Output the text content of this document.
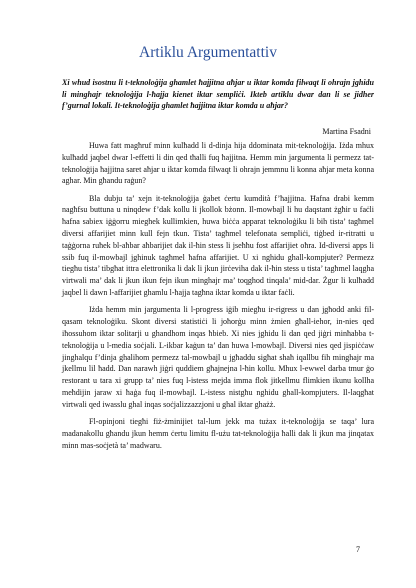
Artiklu Argumentattiv

Xi whud isostnu li t-teknoloġija ghamlet ħajjitna aħjar u iktar komda filwaqt li ohrajn jghidu li minghajr teknoloġija l-ħajja kienet iktar sempliċi. Ikteb artiklu dwar dan li se jidher f’gurnal lokali. It-teknoloġija ghamlet ħajjitna iktar komda u aħjar?

Martina Fsadni

Huwa fatt magħruf minn kulħadd li d-dinja hija ddominata mit-teknoloġija. Iżda mhux kulħadd jaqbel dwar l-effetti li din qed tħalli fuq ħajjitna. Hemm min jargumenta li permezz tat-teknoloġija ħajjitna saret aħjar u iktar komda filwaqt li ohrajn jemmnu li konna aħjar meta konna aghar. Min għandu raġun?

Bla dubju ta’ xejn it-teknoloġija ġabet ċertu kumdità f’ħajjitna. Ħafna drabi kemm nagħfsu buttuna u ninqdew f’dak kollu li jkollok bżonn. Il-mowbajl li hu daqstant żgħir u faċli ħafna sabiex iġġorru mieghek kullimkien, huwa biċċa apparat teknoloġiku li bih tista’ tagħmel diversi affarijiet minn kull fejn tkun. Tista’ tagħmel telefonata sempliċi, tiġbed ir-ritratti u taġġorna ruħek bl-aħbar aħbarijiet dak il-ħin stess li jseħħu fost affarijiet oħra. Id-diversi apps li ssib fuq il-mowbajl jghinuk tagħmel ħafna affarijiet. U xi nghidu ghall-kompjuter? Permezz tiegħu tista’ tibgħat ittra elettronika li dak li jkun jirċeviha dak il-ħin stess u tista’ tagħmel laqgha virtwali ma’ dak li jkun ikun fejn ikun minghajr ma’ toqghod tinqala’ mid-dar. Żgur li kulħadd jaqbel li dawn l-affarijiet ghamlu l-ħajja tagħna iktar komda u iktar faċli.

Iżda hemm min jargumenta li l-progress iġib miegħu ir-rigress u dan jgħodd anki fil-qasam teknoloġiku. Skont diversi statistiċi li joħorġu minn żmien għall-iehor, in-nies qed iħossuhom iktar solitarji u ghandhom inqas ħbieb. Xi nies jghidu li dan qed jiġri minħabba t-teknoloġija u l-media soċjali. L-ikbar kaġun ta’ dan huwa l-mowbajl. Diversi nies qed jispiċċaw jinghalqu f’dinja ghalihom permezz tal-mowbajl u jgħaddu sigħat shaħ iqallbu fih minghajr ma jkellmu lil ħadd. Dan narawh jiġri quddiem għajnejna l-ħin kollu. Mhux l-ewwel darba tmur ġo restorant u tara xi grupp ta’ nies fuq l-istess mejda imma flok jitkellmu flimkien ikunu kollha meħdijin jaraw xi ħaġa fuq il-mowbajl. L-istess nistgħu nghidu ghall-kompjuters. Il-laqgħat virtwali qed iwasslu ghal inqas soċjalizzazzjoni u ghal iktar ghażż.

Fl-opinjoni tiegħi fiż-żminijiet tal-lum jekk ma tużax it-teknoloġija se taqa’ lura madanakollu għandu jkun hemm ċertu limitu fl-użu tat-teknoloġija ħalli dak li jkun ma jinqatax minn mas-soċjetà ta’ madwaru.

7
